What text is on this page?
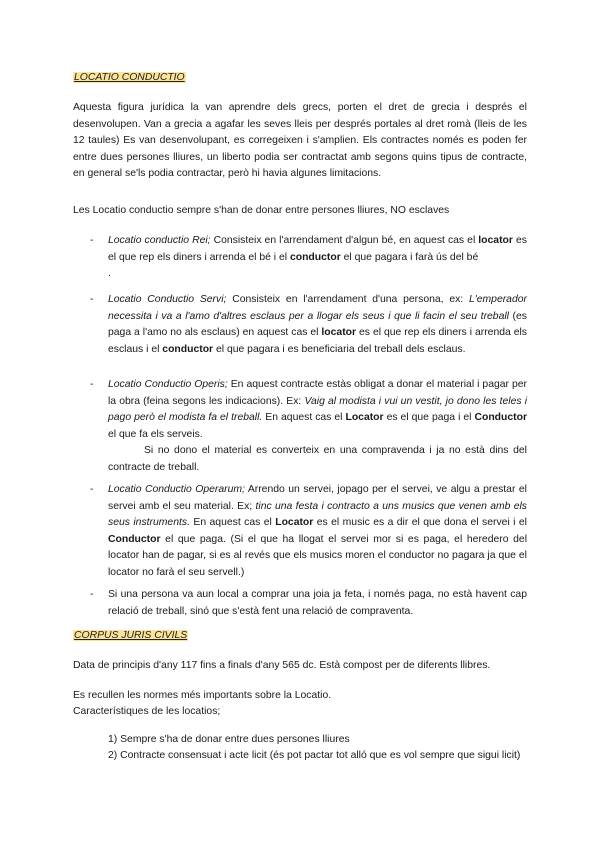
LOCATIO CONDUCTIO
Aquesta figura jurídica la van aprendre dels grecs, porten el dret de grecia i després el desenvolupen. Van a grecia a agafar les seves lleis per després portales al dret romà (lleis de les 12 taules) Es van desenvolupant, es corregeixen i s'amplien. Els contractes només es poden fer entre dues persones lliures, un liberto podia ser contractat amb segons quins tipus de contracte, en general se'ls podia contractar, però hi havia algunes limitacions.
Les Locatio conductio sempre s'han de donar entre persones lliures, NO esclaves
- Locatio conductio Rei; Consisteix en l'arrendament d'algun bé, en aquest cas el locator es el que rep els diners i arrenda el bé i el conductor el que pagara i farà ús del bé
.
- Locatio Conductio Servi; Consisteix en l'arrendament d'una persona, ex: L'emperador necessita i va a l'amo d'altres esclaus per a llogar els seus i que li facin el seu treball (es paga a l'amo no als esclaus) en aquest cas el locator es el que rep els diners i arrenda els esclaus i el conductor el que pagara i es beneficiaria del treball dels esclaus.
- Locatio Conductio Operis; En aquest contracte estàs obligat a donar el material i pagar per la obra (feina segons les indicacions). Ex: Vaig al modista i vui un vestit, jo dono les teles i pago però el modista fa el treball. En aquest cas el Locator es el que paga i el Conductor el que fa els serveis.
Si no dono el material es converteix en una compravenda i ja no està dins del contracte de treball.
- Locatio Conductio Operarum; Arrendo un servei, jopago per el servei, ve algu a prestar el servei amb el seu material. Ex; tinc una festa i contracto a uns musics que venen amb els seus instruments. En aquest cas el Locator es el music es a dir el que dona el servei i el Conductor el que paga. (Si el que ha llogat el servei mor si es paga, el heredero del locator han de pagar, si es al revés que els musics moren el conductor no pagara ja que el locator no farà el seu servell.)
- Si una persona va aun local a comprar una joia ja feta, i només paga, no està havent cap relació de treball, sinó que s'està fent una relació de compraventa.
CORPUS JURIS CIVILS
Data de principis d'any 117 fins a finals d'any 565 dc. Està compost per de diferents llibres.
Es recullen les normes més importants sobre la Locatio.
Característiques de les locatios;
1) Sempre s'ha de donar entre dues persones lliures
2) Contracte consensuat i acte licit (és pot pactar tot alló que es vol sempre que sigui licit)
